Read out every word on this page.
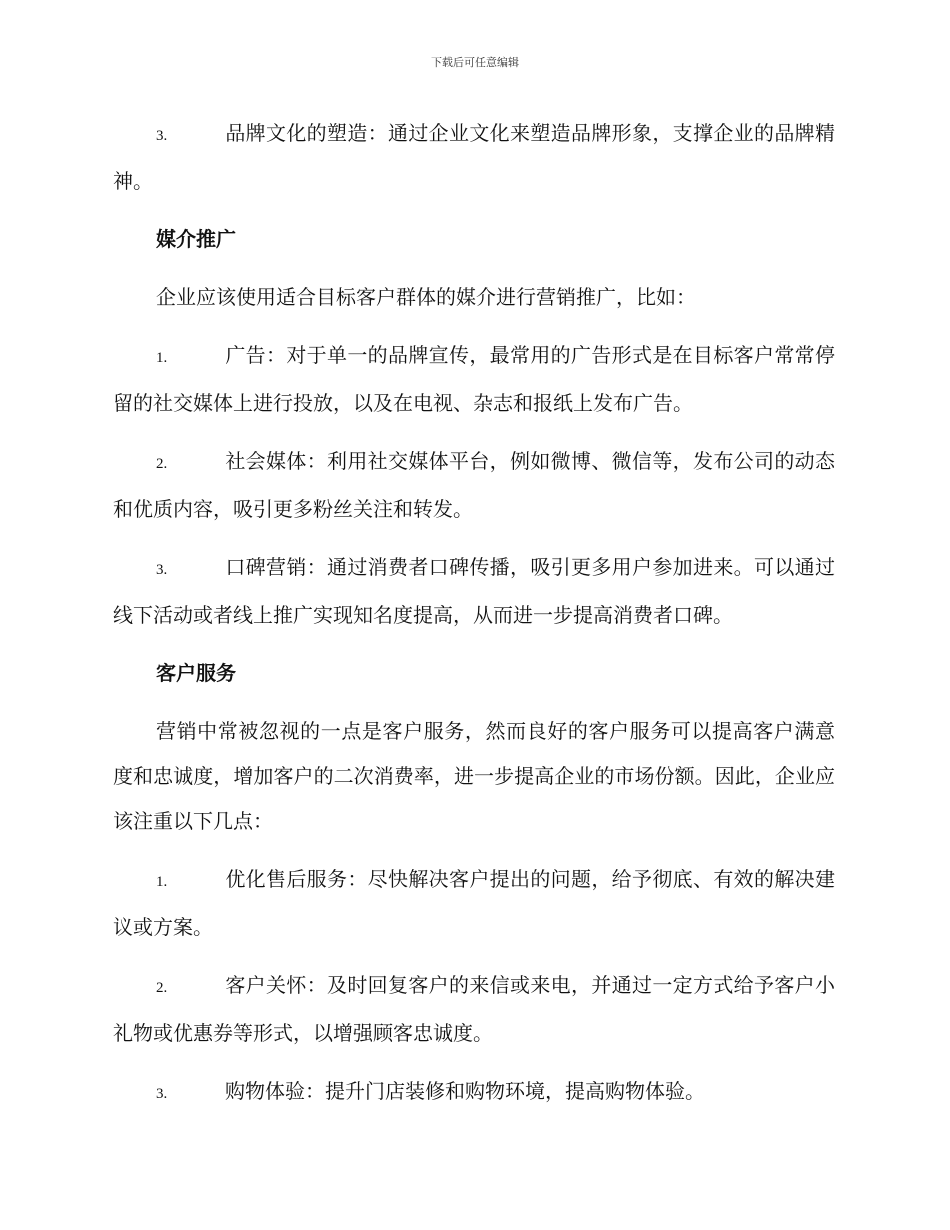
下载后可任意编辑

3.	品牌文化的塑造：通过企业文化来塑造品牌形象，支撑企业的品牌精神。

媒介推广

企业应该使用适合目标客户群体的媒介进行营销推广，比如：

1.	广告：对于单一的品牌宣传，最常用的广告形式是在目标客户常常停留的社交媒体上进行投放，以及在电视、杂志和报纸上发布广告。

2.	社会媒体：利用社交媒体平台，例如微博、微信等，发布公司的动态和优质内容，吸引更多粉丝关注和转发。

3.	口碑营销：通过消费者口碑传播，吸引更多用户参加进来。可以通过线下活动或者线上推广实现知名度提高，从而进一步提高消费者口碑。

客户服务

营销中常被忽视的一点是客户服务，然而良好的客户服务可以提高客户满意度和忠诚度，增加客户的二次消费率，进一步提高企业的市场份额。因此，企业应该注重以下几点：

1.	优化售后服务：尽快解决客户提出的问题，给予彻底、有效的解决建议或方案。

2.	客户关怀：及时回复客户的来信或来电，并通过一定方式给予客户小礼物或优惠券等形式，以增强顾客忠诚度。

3.	购物体验：提升门店装修和购物环境，提高购物体验。
